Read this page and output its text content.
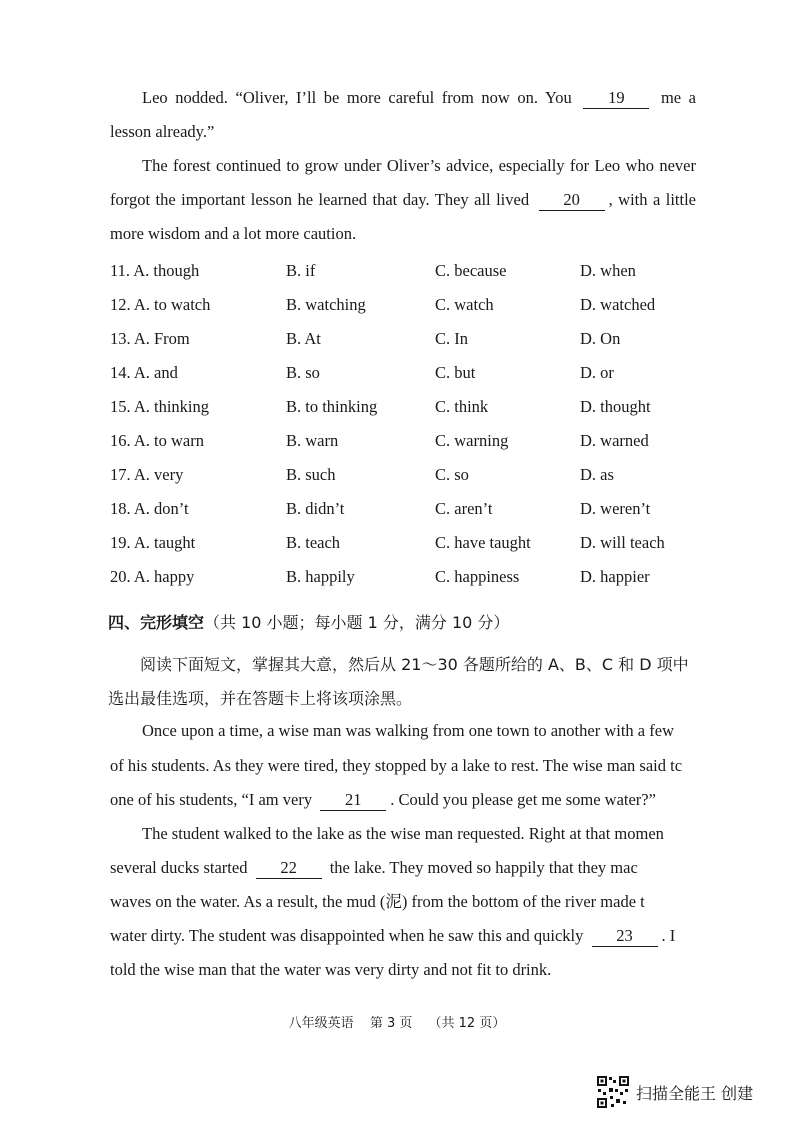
Leo nodded. “Oliver, I’ll be more careful from now on. You 19 me a lesson already.”

The forest continued to grow under Oliver’s advice, especially for Leo who never forgot the important lesson he learned that day. They all lived 20 , with a little more wisdom and a lot more caution.

11. A. though	B. if	C. because	D. when
12. A. to watch	B. watching	C. watch	D. watched
13. A. From	B. At	C. In	D. On
14. A. and	B. so	C. but	D. or
15. A. thinking	B. to thinking	C. think	D. thought
16. A. to warn	B. warn	C. warning	D. warned
17. A. very	B. such	C. so	D. as
18. A. don’t	B. didn’t	C. aren’t	D. weren’t
19. A. taught	B. teach	C. have taught	D. will teach
20. A. happy	B. happily	C. happiness	D. happier
四、完形填空（共 10 小题；每小题 1 分，满分 10 分）

阅读下面短文，掌握其大意，然后从 21～30 各题所给的 A、B、C 和 D 项中
选出最佳选项，并在答题卡上将该项涂黑。

Once upon a time, a wise man was walking from one town to another with a few
of his students. As they were tired, they stopped by a lake to rest. The wise man said tc
one of his students, “I am very 21 . Could you please get me some water?”
The student walked to the lake as the wise man requested. Right at that momen
several ducks started 22 the lake. They moved so happily that they mac
waves on the water. As a result, the mud (泥) from the bottom of the river made t
water dirty. The student was disappointed when he saw this and quickly 23 . I
told the wise man that the water was very dirty and not fit to drink.
八年级英语 第 3 页 （共 12 页）
扫描全能王 创建
